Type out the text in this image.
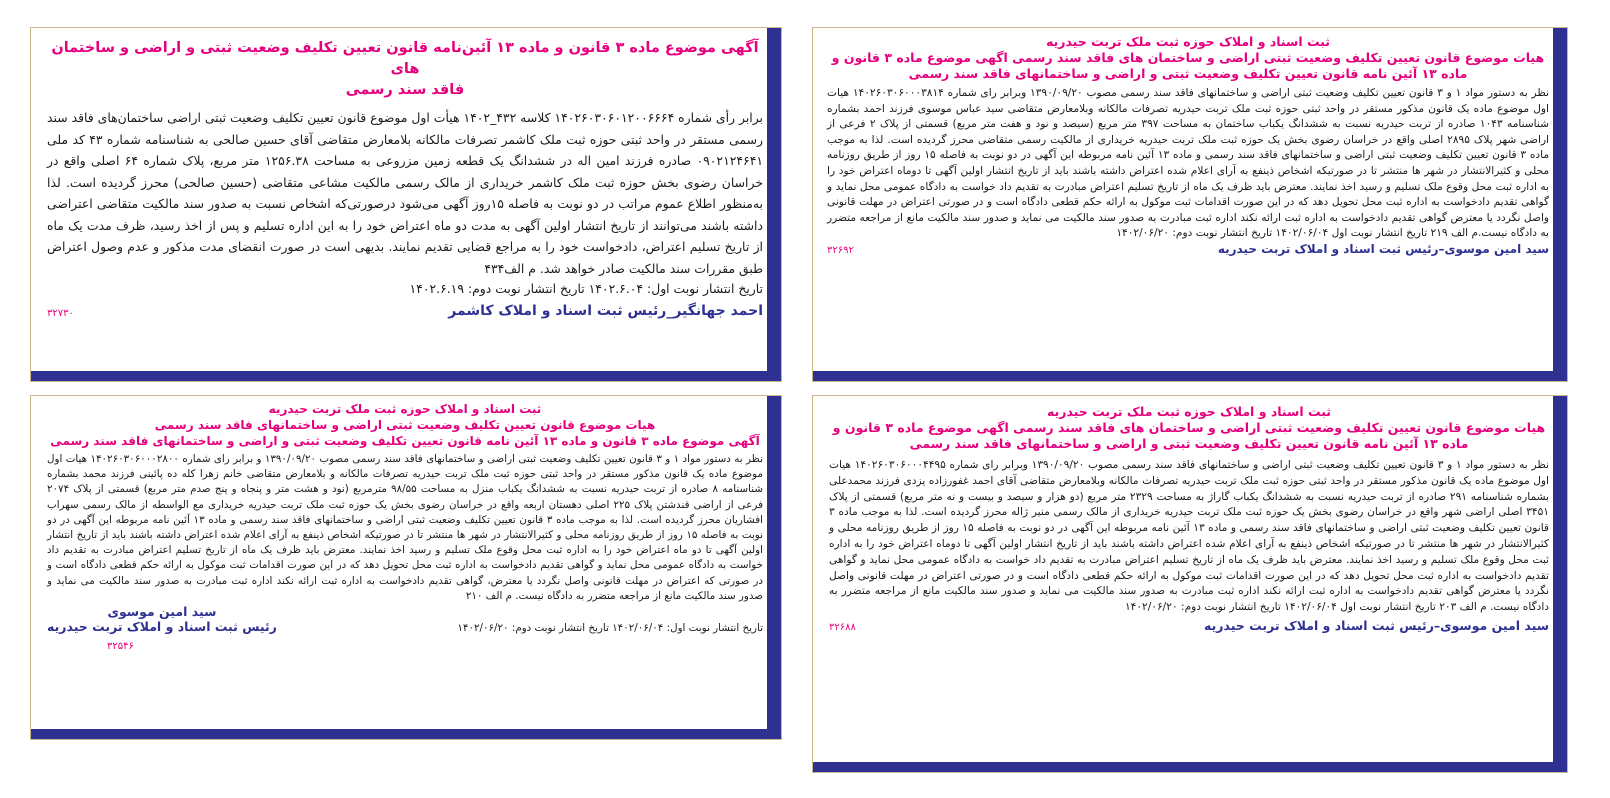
ثبت اسناد و املاک حوزه ثبت ملک تربت حیدریه
هیات موضوع قانون تعیین تکلیف وضعیت ثبتی اراضی و ساختمان های فاقد سند رسمی اگهی موضوع ماده ۳ قانون و
ماده ۱۳ آئین نامه قانون تعیین تکلیف وضعیت ثبتی و اراضی و ساختمانهای فاقد سند رسمی

نظر به دستور مواد ۱ و ۳ قانون تعیین تکلیف وضعیت ثبتی اراضی و ساختمانهای فاقد سند رسمی مصوب ۱۳۹۰/۰۹/۲۰ وبرابر رای شماره ۱۴۰۲۶۰۳۰۶۰۰۰۳۸۱۴ هیات اول موضوع ماده یک قانون مذکور مستقر در واحد ثبتی حوزه ثبت ملک تربت حیدریه تصرفات مالکانه وبلامعارض متقاضی سید عباس موسوی فرزند احمد بشماره شناسنامه ۱۰۴۳ صادره از تربت حیدریه نسبت به ششدانگ یکباب ساختمان به مساحت ۳۹۷ متر مربع (سیصد و نود و هفت متر مربع) قسمتی از پلاک ۲ فرعی از اراضی شهر پلاک ۲۸۹۵ اصلی واقع در خراسان رضوی بخش یک حوزه ثبت ملک تربت حیدریه خریداری از مالکیت رسمی متقاضی محرز گردیده است. لذا به موجب ماده ۳ قانون تعیین تکلیف وضعیت ثبتی اراضی و ساختمانهای فاقد سند رسمی و ماده ۱۳ آئین نامه مربوطه این آگهی در دو نوبت به فاصله ۱۵ روز از طریق روزنامه محلی و کثیرالانتشار در شهر ها منتشر تا در صورتیکه اشخاص ذینفع به آرای اعلام شده اعتراض داشته باشند باید از تاریخ انتشار اولین آگهی تا دوماه اعتراض خود را به اداره ثبت محل وقوع ملک تسلیم و رسید اخذ نمایند. معترض باید ظرف یک ماه از تاریخ تسلیم اعتراض مبادرت به تقدیم داد خواست به دادگاه عمومی محل نماید و گواهی تقدیم دادخواست به اداره ثبت محل تحویل دهد که در این صورت اقدامات ثبت موکول به ارائه حکم قطعی دادگاه است و در صورتی اعتراض در مهلت قانونی واصل نگردد یا معترض گواهی تقدیم دادخواست به اداره ثبت ارائه نکند اداره ثبت مبادرت به صدور سند مالکیت می نماید و صدور سند مالکیت مانع از مراجعه متضرر به دادگاه نیست.م الف ۲۱۹ تاریخ انتشار نوبت اول ۱۴۰۲/۰۶/۰۴ تاریخ انتشار نوبت دوم: ۱۴۰۲/۰۶/۲۰

سید امین موسوی–رئیس ثبت اسناد و املاک تربت حیدریه
۳۲۶۹۲
آگهی موضوع ماده ۳ قانون و ماده ۱۳ آئین‌نامه قانون تعیین تکلیف وضعیت ثبتی و اراضی و ساختمان های
فاقد سند رسمی

برابر رأی شماره ۱۴۰۲۶۰۳۰۶۰۱۲۰۰۶۶۶۴ کلاسه ۴۳۲_۱۴۰۲ هیأت اول موضوع قانون تعیین تکلیف وضعیت ثبتی اراضی ساختمان‌های فاقد سند رسمی مستقر در واحد ثبتی حوزه ثبت ملک کاشمر تصرفات مالکانه بلامعارض متقاضی آقای حسین صالحی به شناسنامه شماره ۴۳ کد ملی ۰۹۰۲۱۲۴۶۴۱ صادره فرزند امین اله در ششدانگ یک قطعه زمین مزروعی به مساحت ۱۲۵۶.۳۸ متر مربع، پلاک شماره ۶۴ اصلی واقع در خراسان رضوی بخش حوزه ثبت ملک کاشمر خریداری از مالک رسمی مالکیت مشاعی متقاضی (حسین صالحی) محرز گردیده است. لذا به‌منظور اطلاع عموم مراتب در دو نوبت به فاصله ۱۵روز آگهی می‌شود درصورتی‌که اشخاص نسبت به صدور سند مالکیت متقاضی اعتراضی داشته باشند می‌توانند از تاریخ انتشار اولین آگهی به مدت دو ماه اعتراض خود را به این اداره تسلیم و پس از اخذ رسید، ظرف مدت یک ماه از تاریخ تسلیم اعتراض، دادخواست خود را به مراجع قضایی تقدیم نمایند. بدیهی است در صورت انقضای مدت مذکور و عدم وصول اعتراض طبق مقررات سند مالکیت صادر خواهد شد. م الف۴۳۴

تاریخ انتشار نوبت اول: ۱۴۰۲.۶.۰۴ تاریخ انتشار نوبت دوم: ۱۴۰۲.۶.۱۹
احمد جهانگیر_رئیس ثبت اسناد و املاک کاشمر
۳۲۷۳۰
ثبت اسناد و املاک حوزه ثبت ملک تربت حیدریه
هیات موضوع قانون تعیین تکلیف وضعیت ثبتی اراضی و ساختمان های فاقد سند رسمی اگهی موضوع ماده ۳ قانون و
ماده ۱۳ آئین نامه قانون تعیین تکلیف وضعیت ثبتی و اراضی و ساختمانهای فاقد سند رسمی

نظر به دستور مواد ۱ و ۳ قانون تعیین تکلیف وضعیت ثبتی اراضی و ساختمانهای فاقد سند رسمی مصوب ۱۳۹۰/۰۹/۲۰ وبرابر رای شماره ۱۴۰۲۶۰۳۰۶۰۰۰۴۴۹۵ هیات اول موضوع ماده یک قانون مذکور مستقر در واحد ثبتی حوزه ثبت ملک تربت حیدریه تصرفات مالکانه وبلامعارض متقاضی آقای احمد غفورزاده یزدی فرزند محمدعلی بشماره شناسنامه ۲۹۱ صادره از تربت حیدریه نسبت به ششدانگ یکباب گاراژ به مساحت ۲۳۲۹ متر مربع (دو هزار و سیصد و بیست و نه متر مربع) قسمتی از پلاک ۳۴۵۱ اصلی اراضی شهر واقع در خراسان رضوی بخش یک حوزه ثبت ملک تربت حیدریه خریداری از مالک رسمی منیر ژاله محرز گردیده است. لذا به موجب ماده ۳ قانون تعیین تکلیف وضعیت ثبتی اراضی و ساختمانهای فاقد سند رسمی و ماده ۱۳ آئین نامه مربوطه این آگهی در دو نوبت به فاصله ۱۵ روز از طریق روزنامه محلی و کثیرالانتشار در شهر ها منتشر تا در صورتیکه اشخاص ذینفع به آرای اعلام شده اعتراض داشته باشند باید از تاریخ انتشار اولین آگهی تا دوماه اعتراض خود را به اداره ثبت محل وقوع ملک تسلیم و رسید اخذ نمایند. معترض باید ظرف یک ماه از تاریخ تسلیم اعتراض مبادرت به تقدیم داد خواست به دادگاه عمومی محل نماید و گواهی تقدیم دادخواست به اداره ثبت محل تحویل دهد که در این صورت اقدامات ثبت موکول به ارائه حکم قطعی دادگاه است و در صورتی اعتراض در مهلت قانونی واصل نگردد یا معترض گواهی تقدیم دادخواست به اداره ثبت ارائه نکند اداره ثبت مبادرت به صدور سند مالکیت می نماید و صدور سند مالکیت مانع از مراجعه متضرر به دادگاه نیست. م الف ۲۰۳ تاریخ انتشار نوبت اول ۱۴۰۲/۰۶/۰۴ تاریخ انتشار نوبت دوم: ۱۴۰۲/۰۶/۲۰

سید امین موسوی–رئیس ثبت اسناد و املاک تربت حیدریه
۳۲۶۸۸
ثبت اسناد و املاک حوزه ثبت ملک تربت حیدریه
هیات موضوع قانون تعیین تکلیف وضعیت ثبتی اراضی و ساختمانهای فاقد سند رسمی
آگهی موضوع ماده ۳ قانون و ماده ۱۳ آئین نامه قانون تعیین تکلیف وضعیت ثبتی و اراضی و ساختمانهای فاقد سند رسمی

نظر به دستور مواد ۱ و ۳ قانون تعیین تکلیف وضعیت ثبتی اراضی و ساختمانهای فاقد سند رسمی مصوب ۱۳۹۰/۰۹/۲۰ و برابر رای شماره ۱۴۰۲۶۰۳۰۶۰۰۰۲۸۰۰ هیات اول موضوع ماده یک قانون مذکور مستقر در واحد ثبتی حوزه ثبت ملک تربت حیدریه تصرفات مالکانه و بلامعارض متقاضی خانم زهرا کله ده پائینی فرزند محمد بشماره شناسنامه ۸ صادره از تربت حیدریه نسبت به ششدانگ یکباب منزل به مساحت ۹۸/۵۵ مترمربع (نود و هشت متر و پنجاه و پنج صدم متر مربع) قسمتی از پلاک ۲۰۷۴ فرعی از اراضی قندشتن پلاک ۲۲۵ اصلی دهستان اربعه واقع در خراسان رضوی بخش یک حوزه ثبت ملک تربت حیدریه خریداری مع الواسطه از مالک رسمی سهراب افشاریان محرز گردیده است. لذا به موجب ماده ۳ قانون تعیین تکلیف وضعیت ثبتی اراضی و ساختمانهای فاقد سند رسمی و ماده ۱۳ آئین نامه مربوطه این آگهی در دو نوبت به فاصله ۱۵ روز از طریق روزنامه محلی و کثیرالانتشار در شهر ها منتشر تا در صورتیکه اشخاص ذینفع به آرای اعلام شده اعتراض داشته باشند باید از تاریخ انتشار اولین آگهی تا دو ماه اعتراض خود را به اداره ثبت محل وقوع ملک تسلیم و رسید اخذ نمایند. معترض باید ظرف یک ماه از تاریخ تسلیم اعتراض مبادرت به تقدیم داد خواست به دادگاه عمومی محل نماید و گواهی تقدیم دادخواست به اداره ثبت محل تحویل دهد که در این صورت اقدامات ثبت موکول به ارائه حکم قطعی دادگاه است و در صورتی که اعتراض در مهلت قانونی واصل نگردد یا معترض، گواهی تقدیم دادخواست به اداره ثبت ارائه نکند اداره ثبت مبادرت به صدور سند مالکیت می نماید و صدور سند مالکیت مانع از مراجعه متضرر به دادگاه نیست. م الف ۲۱۰

تاریخ انتشار نوبت اول: ۱۴۰۲/۰۶/۰۴ تاریخ انتشار نوبت دوم: ۱۴۰۲/۰۶/۲۰
سید امین موسوی
رئیس ثبت اسناد و املاک تربت حیدریه
۳۲۵۴۶
